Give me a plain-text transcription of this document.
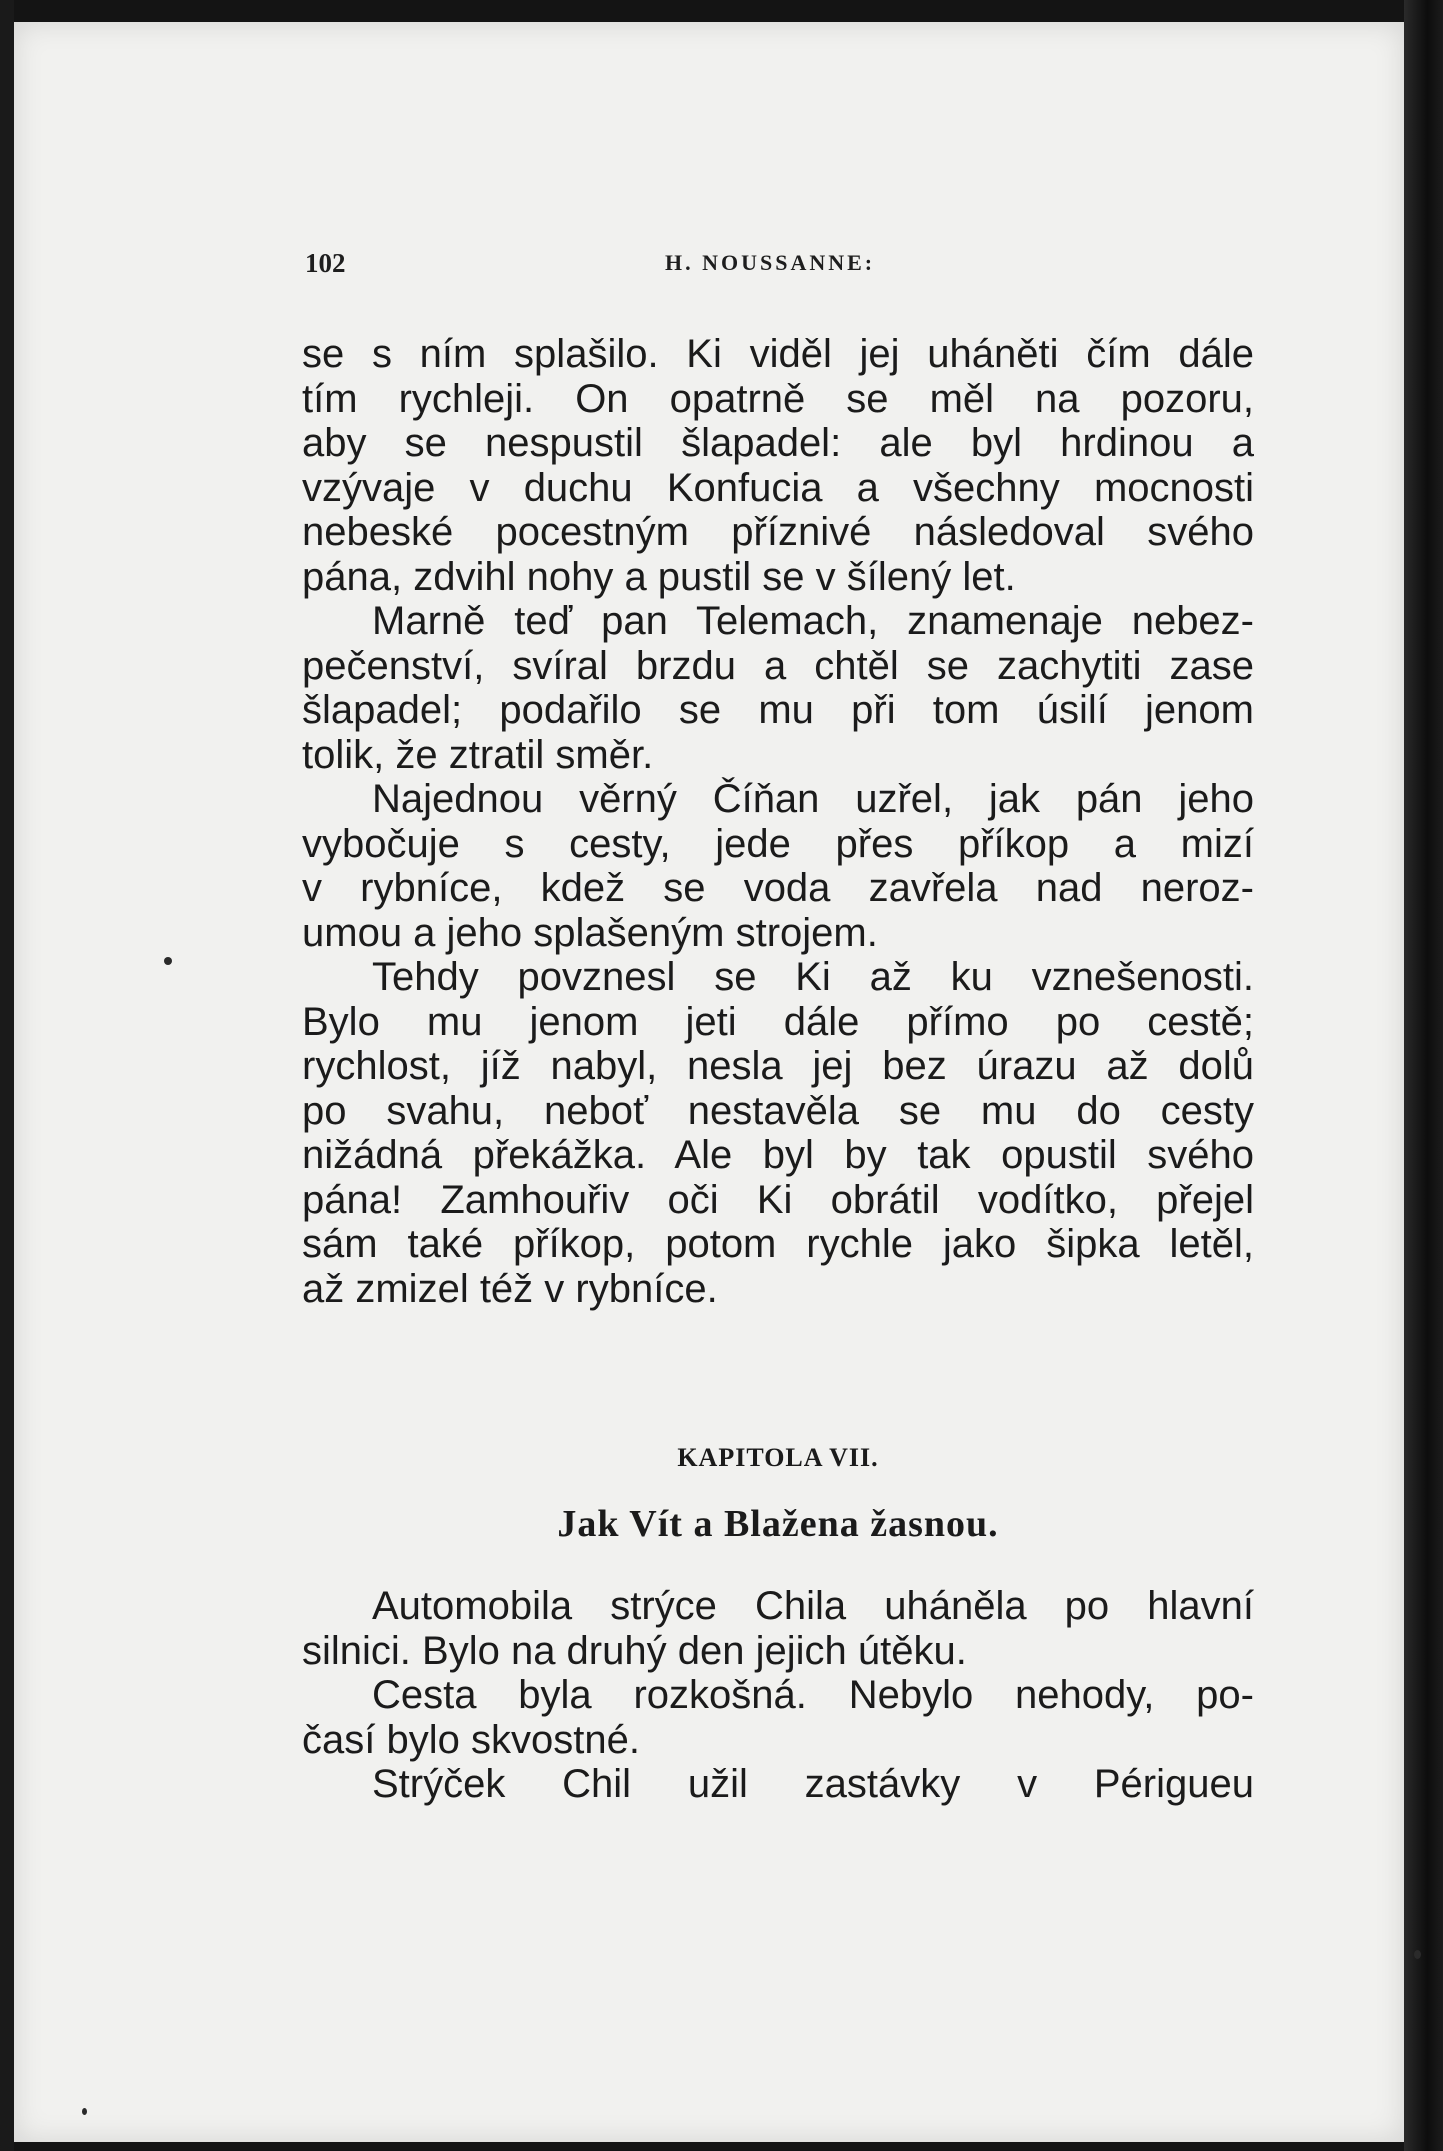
102	H. NOUSSANNE:
se s ním splašilo. Ki viděl jej uháněti čím dále
tím rychleji. On opatrně se měl na pozoru,
aby se nespustil šlapadel: ale byl hrdinou a
vzývaje v duchu Konfucia a všechny mocnosti
nebeské pocestným příznivé následoval svého
pána, zdvihl nohy a pustil se v šílený let.
Marně teď pan Telemach, znamenaje nebez-
pečenství, svíral brzdu a chtěl se zachytiti zase
šlapadel; podařilo se mu při tom úsilí jenom
tolik, že ztratil směr.
Najednou věrný Číňan uzřel, jak pán jeho
vybočuje s cesty, jede přes příkop a mizí
v rybníce, kdež se voda zavřela nad neroz-
umou a jeho splašeným strojem.
Tehdy povznesl se Ki až ku vznešenosti.
Bylo mu jenom jeti dále přímo po cestě;
rychlost, jíž nabyl, nesla jej bez úrazu až dolů
po svahu, neboť nestavěla se mu do cesty
nižádná překážka. Ale byl by tak opustil svého
pána! Zamhouřiv oči Ki obrátil vodítko, přejel
sám také příkop, potom rychle jako šipka letěl,
až zmizel též v rybníce.
KAPITOLA VII.
Jak Vít a Blažena žasnou.
Automobila strýce Chila uháněla po hlavní
silnici. Bylo na druhý den jejich útěku.
Cesta byla rozkošná. Nebylo nehody, po-
časí bylo skvostné.
Strýček Chil užil zastávky v Périgueu
